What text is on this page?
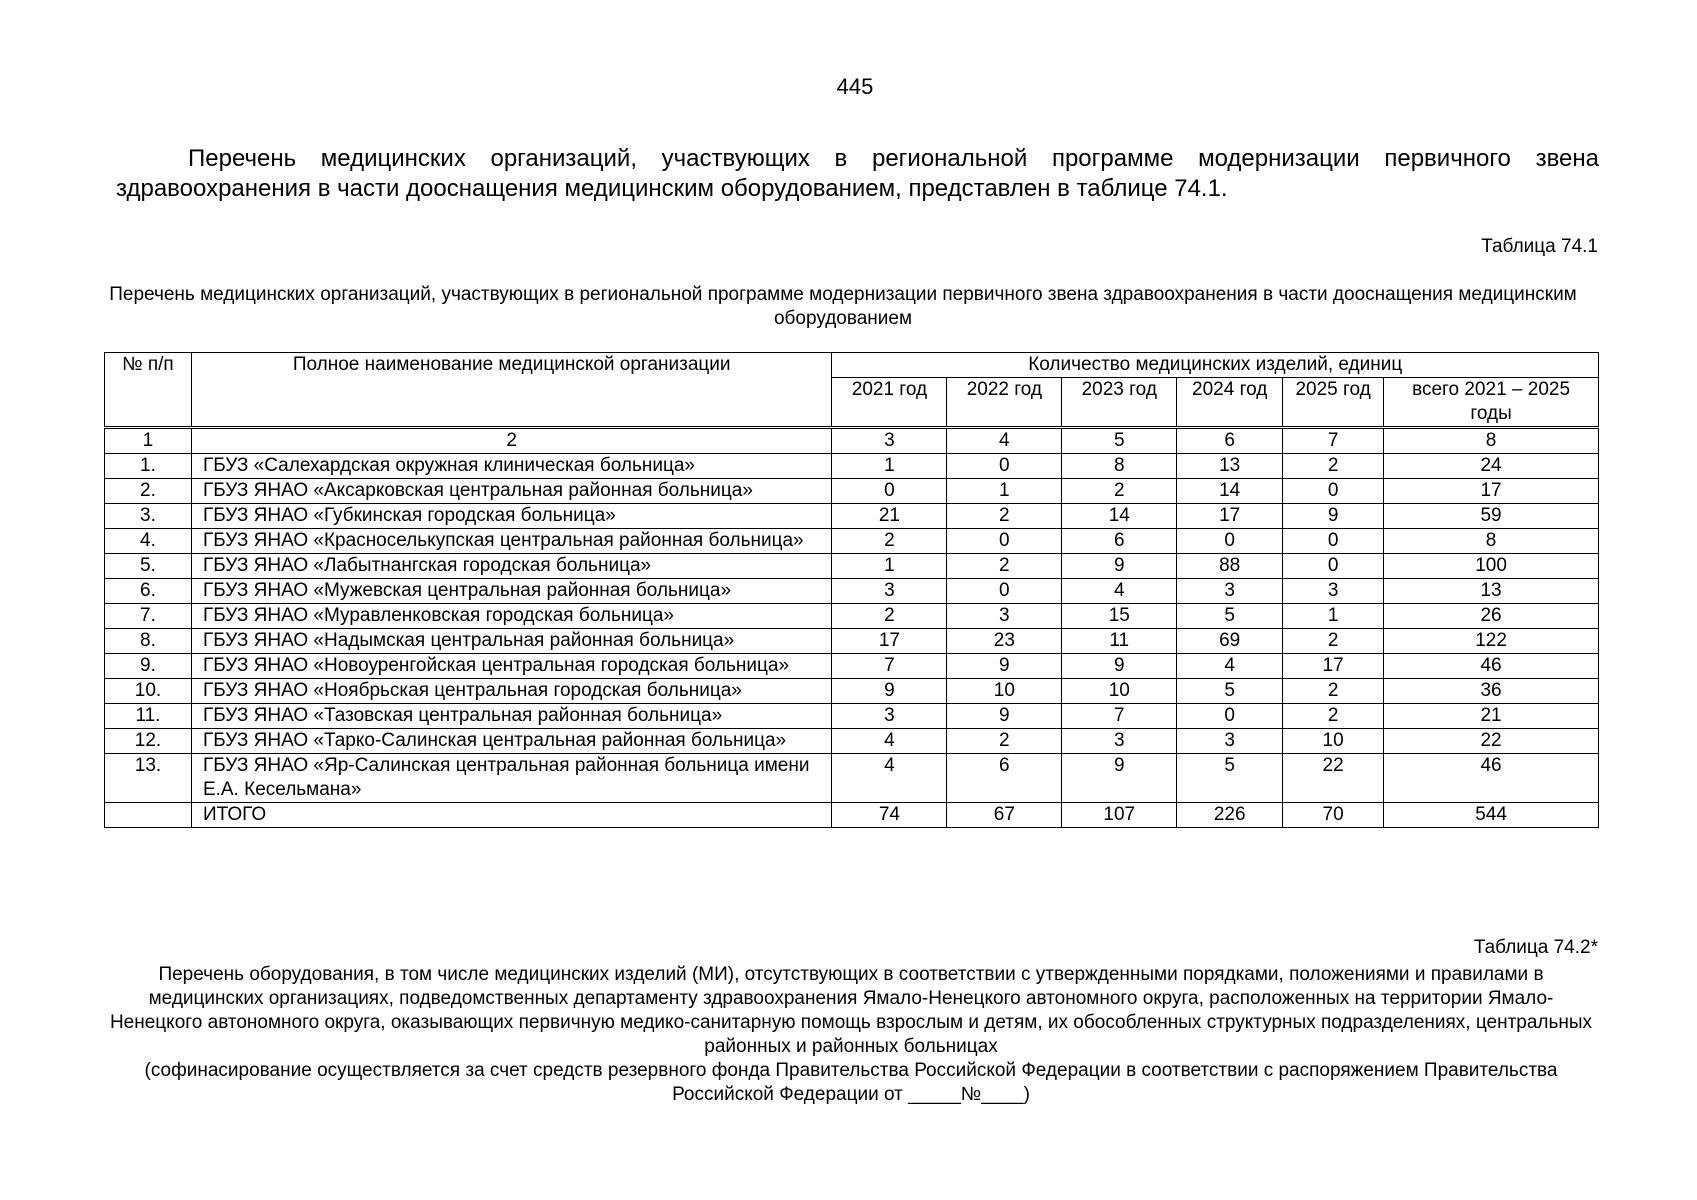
445
Перечень медицинских организаций, участвующих в региональной программе модернизации первичного звена здравоохранения в части дооснащения медицинским оборудованием, представлен в таблице 74.1.
Таблица 74.1
Перечень медицинских организаций, участвующих в региональной программе модернизации первичного звена здравоохранения в части дооснащения медицинским оборудованием
№ п/п	Полное наименование медицинской организации	Количество медицинских изделий, единиц					
		2021 год	2022 год	2023 год	2024 год	2025 год	всего 2021 – 2025 годы
1	2	3	4	5	6	7	8
1.	ГБУЗ «Салехардская окружная клиническая больница»	1	0	8	13	2	24
2.	ГБУЗ ЯНАО «Аксарковская центральная районная больница»	0	1	2	14	0	17
3.	ГБУЗ ЯНАО «Губкинская городская больница»	21	2	14	17	9	59
4.	ГБУЗ ЯНАО «Красноселькупская центральная районная больница»	2	0	6	0	0	8
5.	ГБУЗ ЯНАО «Лабытнангская городская больница»	1	2	9	88	0	100
6.	ГБУЗ ЯНАО «Мужевская центральная районная больница»	3	0	4	3	3	13
7.	ГБУЗ ЯНАО «Муравленковская городская больница»	2	3	15	5	1	26
8.	ГБУЗ ЯНАО «Надымская центральная районная больница»	17	23	11	69	2	122
9.	ГБУЗ ЯНАО «Новоуренгойская центральная городская больница»	7	9	9	4	17	46
10.	ГБУЗ ЯНАО «Ноябрьская центральная городская больница»	9	10	10	5	2	36
11.	ГБУЗ ЯНАО «Тазовская центральная районная больница»	3	9	7	0	2	21
12.	ГБУЗ ЯНАО «Тарко-Салинская центральная районная больница»	4	2	3	3	10	22
13.	ГБУЗ ЯНАО «Яр-Салинская центральная районная больница имени Е.А. Кесельмана»	4	6	9	5	22	46
	ИТОГО	74	67	107	226	70	544
Таблица 74.2*
Перечень оборудования, в том числе медицинских изделий (МИ), отсутствующих в соответствии с утвержденными порядками, положениями и правилами в медицинских организациях, подведомственных департаменту здравоохранения Ямало-Ненецкого автономного округа, расположенных на территории Ямало-Ненецкого автономного округа, оказывающих первичную медико-санитарную помощь взрослым и детям, их обособленных структурных подразделениях, центральных районных и районных больницах
(софинасирование осуществляется за счет средств резервного фонда Правительства Российской Федерации в соответствии с распоряжением Правительства Российской Федерации от _____№____)
